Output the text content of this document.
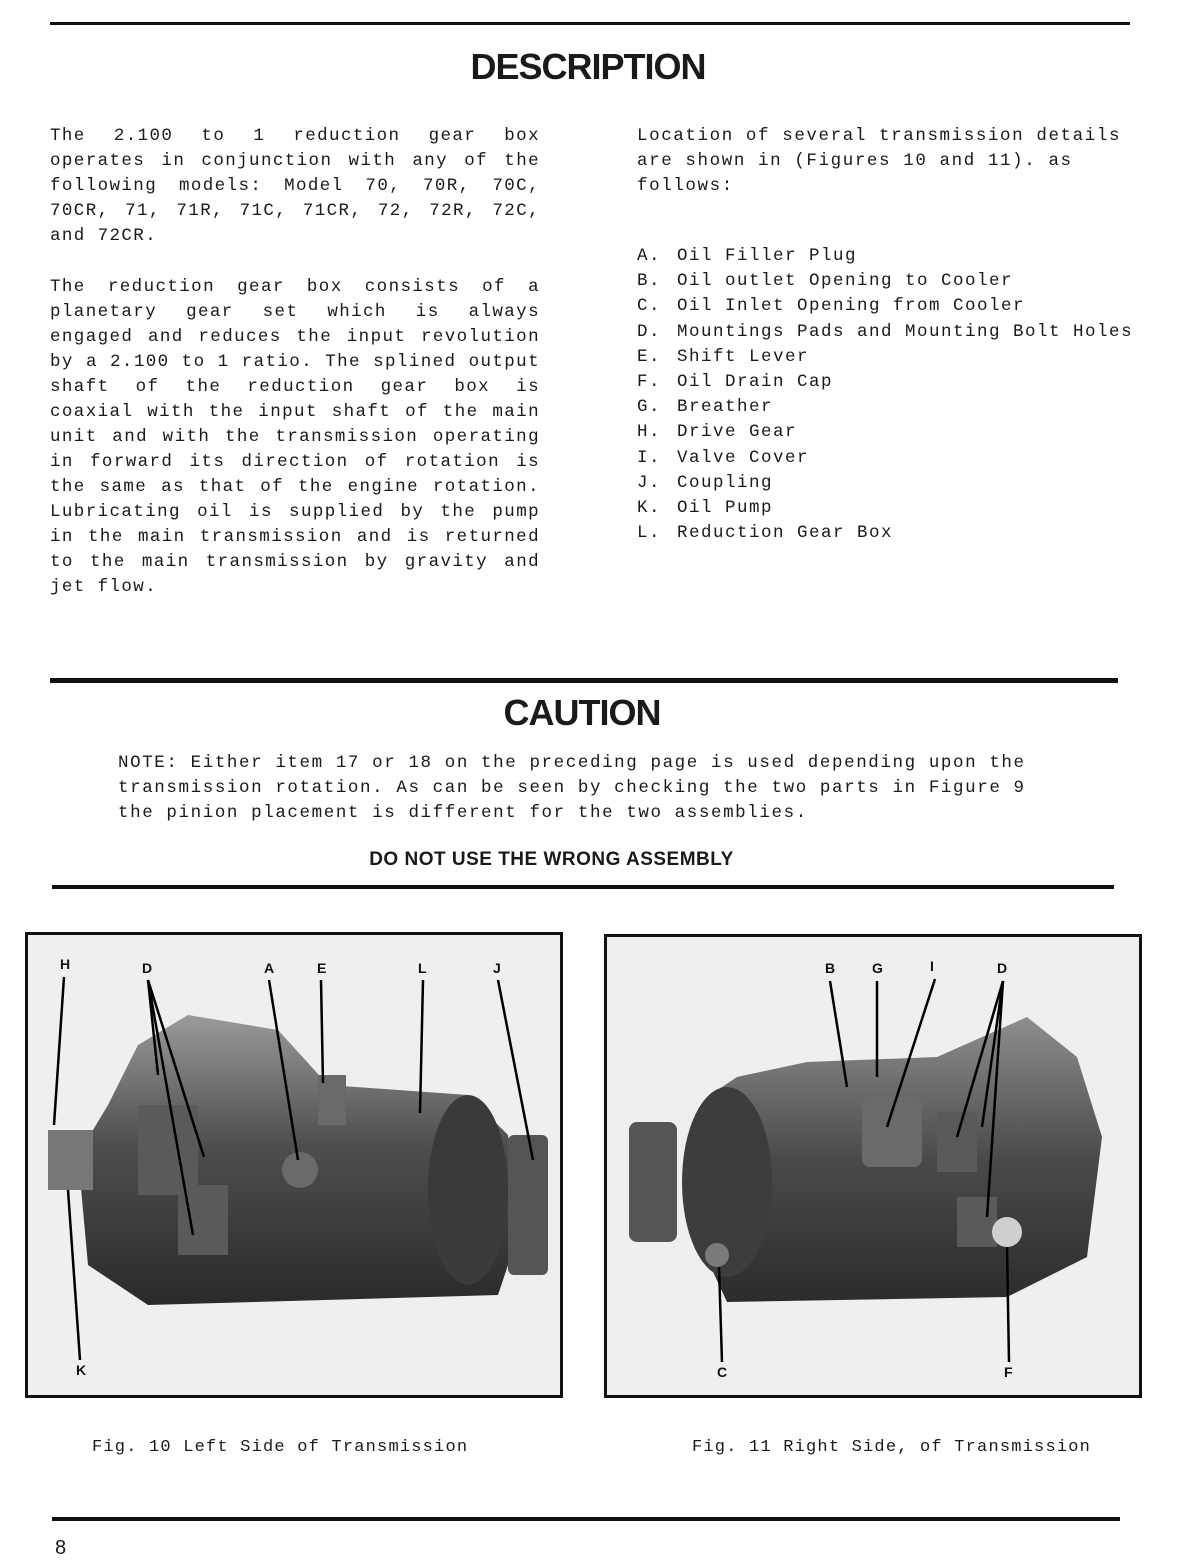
DESCRIPTION

The 2.100 to 1 reduction gear box operates in conjunction with any of the following models: Model 70, 70R, 70C, 70CR, 71, 71R, 71C, 71CR, 72, 72R, 72C, and 72CR.

The reduction gear box consists of a planetary gear set which is always engaged and reduces the input revolution by a 2.100 to 1 ratio. The splined output shaft of the reduction gear box is coaxial with the input shaft of the main unit and with the transmission operating in forward its direction of rotation is the same as that of the engine rotation. Lubricating oil is supplied by the pump in the main transmission and is returned to the main transmission by gravity and jet flow.

Location of several transmission details are shown in (Figures 10 and 11). as follows:

A. Oil Filler Plug
B. Oil outlet Opening to Cooler
C. Oil Inlet Opening from Cooler
D. Mountings Pads and Mounting Bolt Holes
E. Shift Lever
F. Oil Drain Cap
G. Breather
H. Drive Gear
I. Valve Cover
J. Coupling
K. Oil Pump
L. Reduction Gear Box
CAUTION
NOTE: Either item 17 or 18 on the preceding page is used depending upon the transmission rotation. As can be seen by checking the two parts in Figure 9 the pinion placement is different for the two assemblies.
DO NOT USE THE WRONG ASSEMBLY
H	D	A	E	L	J
K
B	G	I	D
C	F
Fig. 10 Left Side of Transmission	Fig. 11 Right Side, of Transmission
8
